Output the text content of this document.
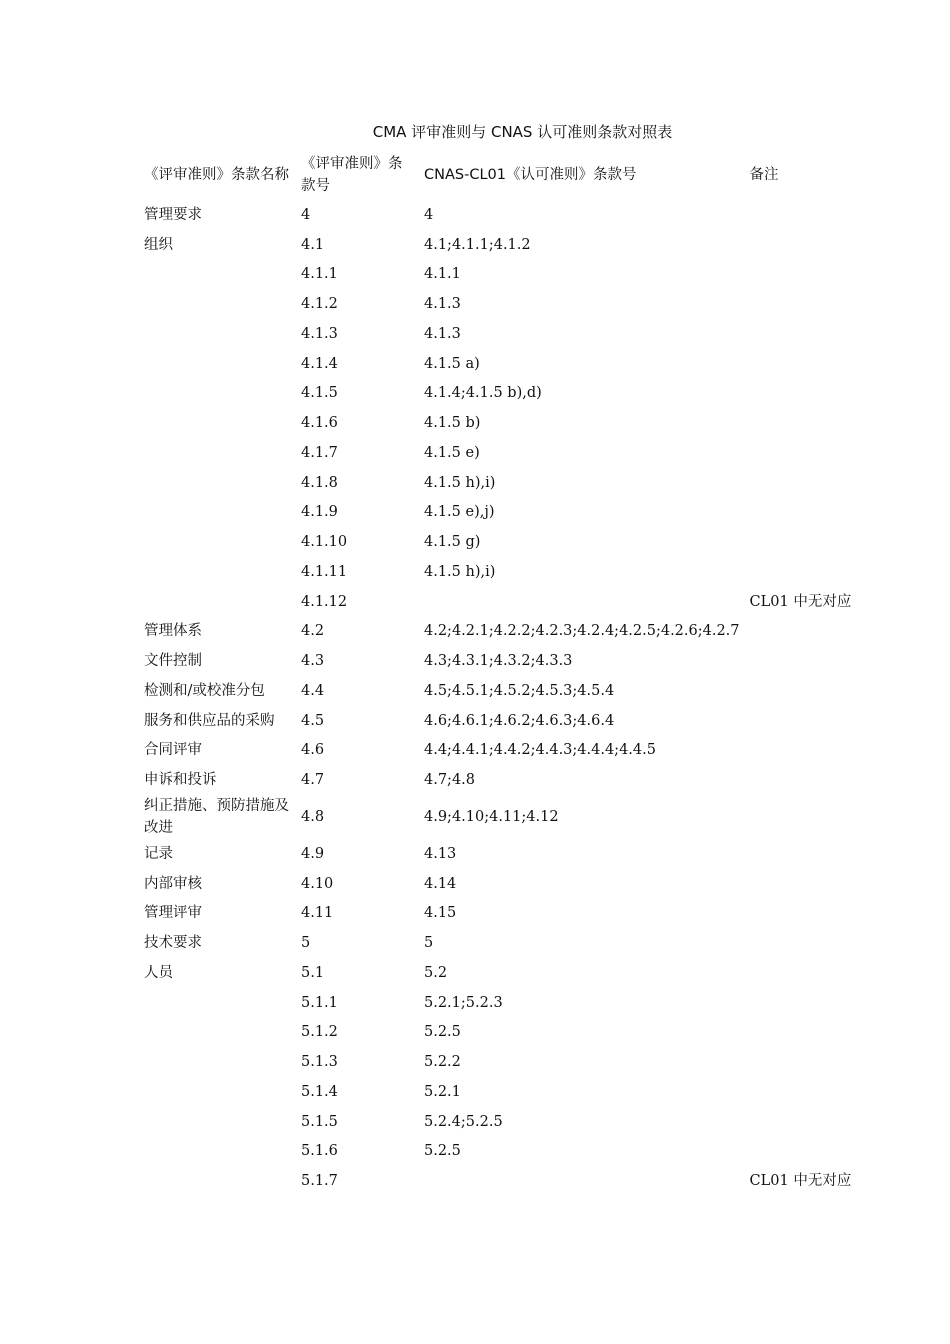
CMA 评审准则与 CNAS 认可准则条款对照表
《评审准则》条款名称	《评审准则》条款号	CNAS-CL01《认可准则》条款号	备注
管理要求	4	4	
组织	4.1	4.1;4.1.1;4.1.2	
	4.1.1	4.1.1	
	4.1.2	4.1.3	
	4.1.3	4.1.3	
	4.1.4	4.1.5 a)	
	4.1.5	4.1.4;4.1.5 b),d)	
	4.1.6	4.1.5 b)	
	4.1.7	4.1.5 e)	
	4.1.8	4.1.5 h),i)	
	4.1.9	4.1.5 e),j)	
	4.1.10	4.1.5 g)	
	4.1.11	4.1.5 h),i)	
	4.1.12		CL01 中无对应
管理体系	4.2	4.2;4.2.1;4.2.2;4.2.3;4.2.4;4.2.5;4.2.6;4.2.7	
文件控制	4.3	4.3;4.3.1;4.3.2;4.3.3	
检测和/或校准分包	4.4	4.5;4.5.1;4.5.2;4.5.3;4.5.4	
服务和供应品的采购	4.5	4.6;4.6.1;4.6.2;4.6.3;4.6.4	
合同评审	4.6	4.4;4.4.1;4.4.2;4.4.3;4.4.4;4.4.5	
申诉和投诉	4.7	4.7;4.8	
纠正措施、预防措施及改进	4.8	4.9;4.10;4.11;4.12	
记录	4.9	4.13	
内部审核	4.10	4.14	
管理评审	4.11	4.15	
技术要求	5	5	
人员	5.1	5.2	
	5.1.1	5.2.1;5.2.3	
	5.1.2	5.2.5	
	5.1.3	5.2.2	
	5.1.4	5.2.1	
	5.1.5	5.2.4;5.2.5	
	5.1.6	5.2.5	
	5.1.7		CL01 中无对应
